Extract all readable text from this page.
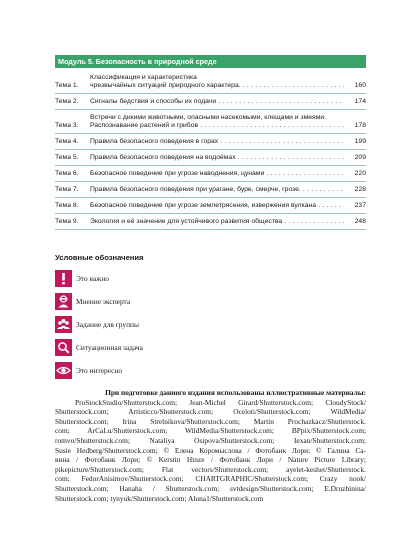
Модуль 5. Безопасность в природной среде
Тема 1.
Классификация и характеристика
чрезвычайных ситуаций природного характера. . . .	160
Тема 2.	Сигналы бедствия и способы их подачи . . .	174
Тема 3.
Встречи с дикими животными, опасными насекомыми, клещами и змеями.
Распознавание растений и грибов . . .	178
Тема 4.	Правила безопасного поведения в горах . . .	199
Тема 5.	Правила безопасного поведения на водоёмах . . .	209
Тема 6.	Безопасное поведение при угрозе наводнения, цунами . . .	220
Тема 7.	Правила безопасного поведения при урагане, буре, смерче, грозе. . . .	228
Тема 8.	Безопасное поведение при угрозе землетрясения, извержения вулкана . . .	237
Тема 9.	Экология и её значение для устойчивого развития общества . . .	248
Условные обозначения
Это важно
Мнение эксперта
Задание для группы
Ситуационная задача
Это интересно
При подготовке данного издания использованы иллюстративные материалы:
ProStockStudio/Shutterstock.com; Jean-Michel Girard/Shutterstock.com; CloudyStock/
Shutterstock.com; Artisticco/Shutterstock.com; Oceloti/Shutterstock.com; WildMedia/
Shutterstock.com; Irina Strelnikova/Shutterstock.com; Martin Prochazkacz/Shutterstock.
com; ArCaLu/Shutterstock.com; WildMedia/Shutterstock.com; BPpix/Shutterstock.com;
romvo/Shutterstock.com; Nataliya Osipova/Shutterstock.com; Iexan/Shutterstock.com;
Susie Hedberg/Shutterstock.com; © Елена Коромыслова / Фотобанк Лори; © Галина Са-
вина / Фотобанк Лори; © Kerstin Hinze / Фотобанк Лори / Nature Picture Library;
pikepicture/Shutterstock.com; Flat vectors/Shutterstock.com; ayelet-keshet/Shutterstock.
com; FedorAnisimov/Shutterstock.com; CHARTGRAPHIC/Shutterstock.com; Crazy nook/
Shutterstock.com; Hanaha / Shutterstock.com; svtdesign/Shutterstock.com; E.Druzhinina/
Shutterstock.com; tynyuk/Shutterstock.com; Aluna1/Shutterstock.com
